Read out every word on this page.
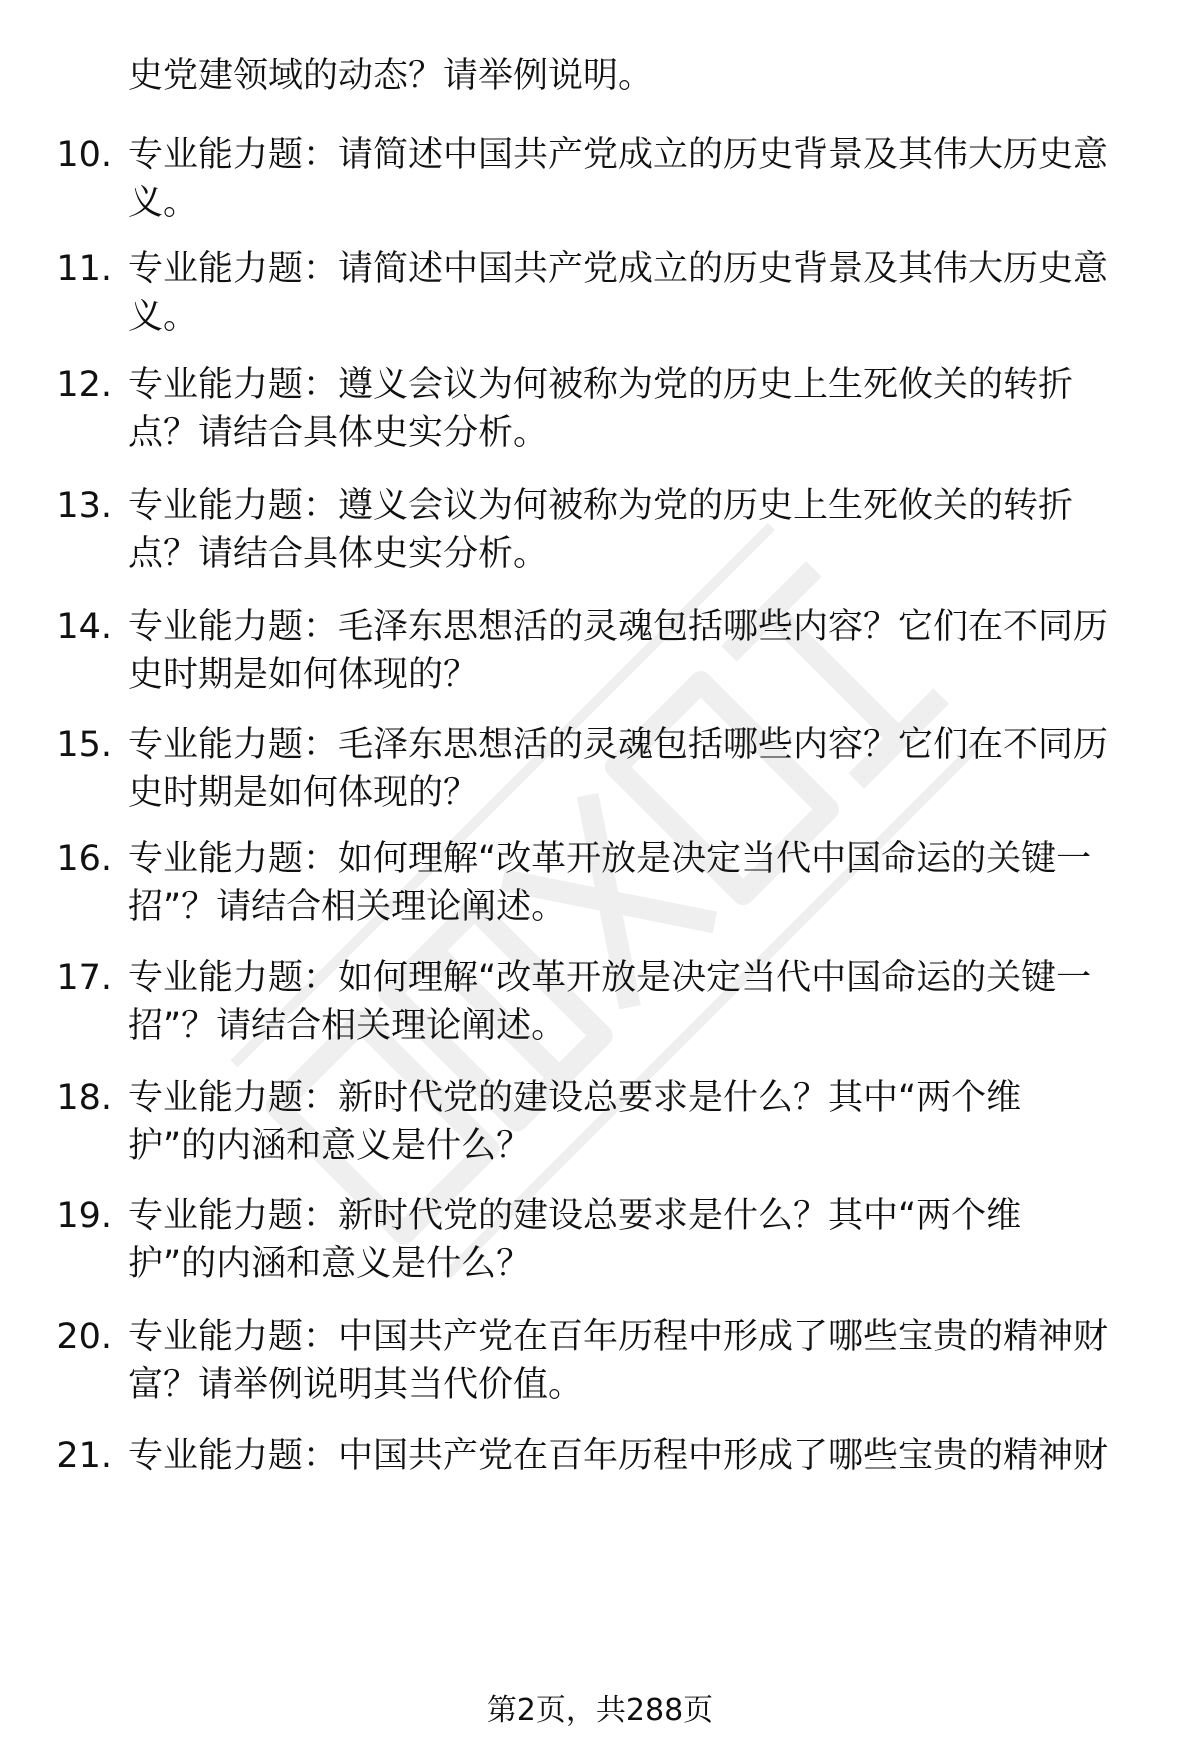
史党建领域的动态？请举例说明。
10. 专业能力题：请简述中国共产党成立的历史背景及其伟大历史意
义。
11. 专业能力题：请简述中国共产党成立的历史背景及其伟大历史意
义。
12. 专业能力题：遵义会议为何被称为党的历史上生死攸关的转折
点？请结合具体史实分析。
13. 专业能力题：遵义会议为何被称为党的历史上生死攸关的转折
点？请结合具体史实分析。
14. 专业能力题：毛泽东思想活的灵魂包括哪些内容？它们在不同历
史时期是如何体现的？
15. 专业能力题：毛泽东思想活的灵魂包括哪些内容？它们在不同历
史时期是如何体现的？
16. 专业能力题：如何理解“改革开放是决定当代中国命运的关键一
招”？请结合相关理论阐述。
17. 专业能力题：如何理解“改革开放是决定当代中国命运的关键一
招”？请结合相关理论阐述。
18. 专业能力题：新时代党的建设总要求是什么？其中“两个维
护”的内涵和意义是什么？
19. 专业能力题：新时代党的建设总要求是什么？其中“两个维
护”的内涵和意义是什么？
20. 专业能力题：中国共产党在百年历程中形成了哪些宝贵的精神财
富？请举例说明其当代价值。
21. 专业能力题：中国共产党在百年历程中形成了哪些宝贵的精神财
第2页，共288页
